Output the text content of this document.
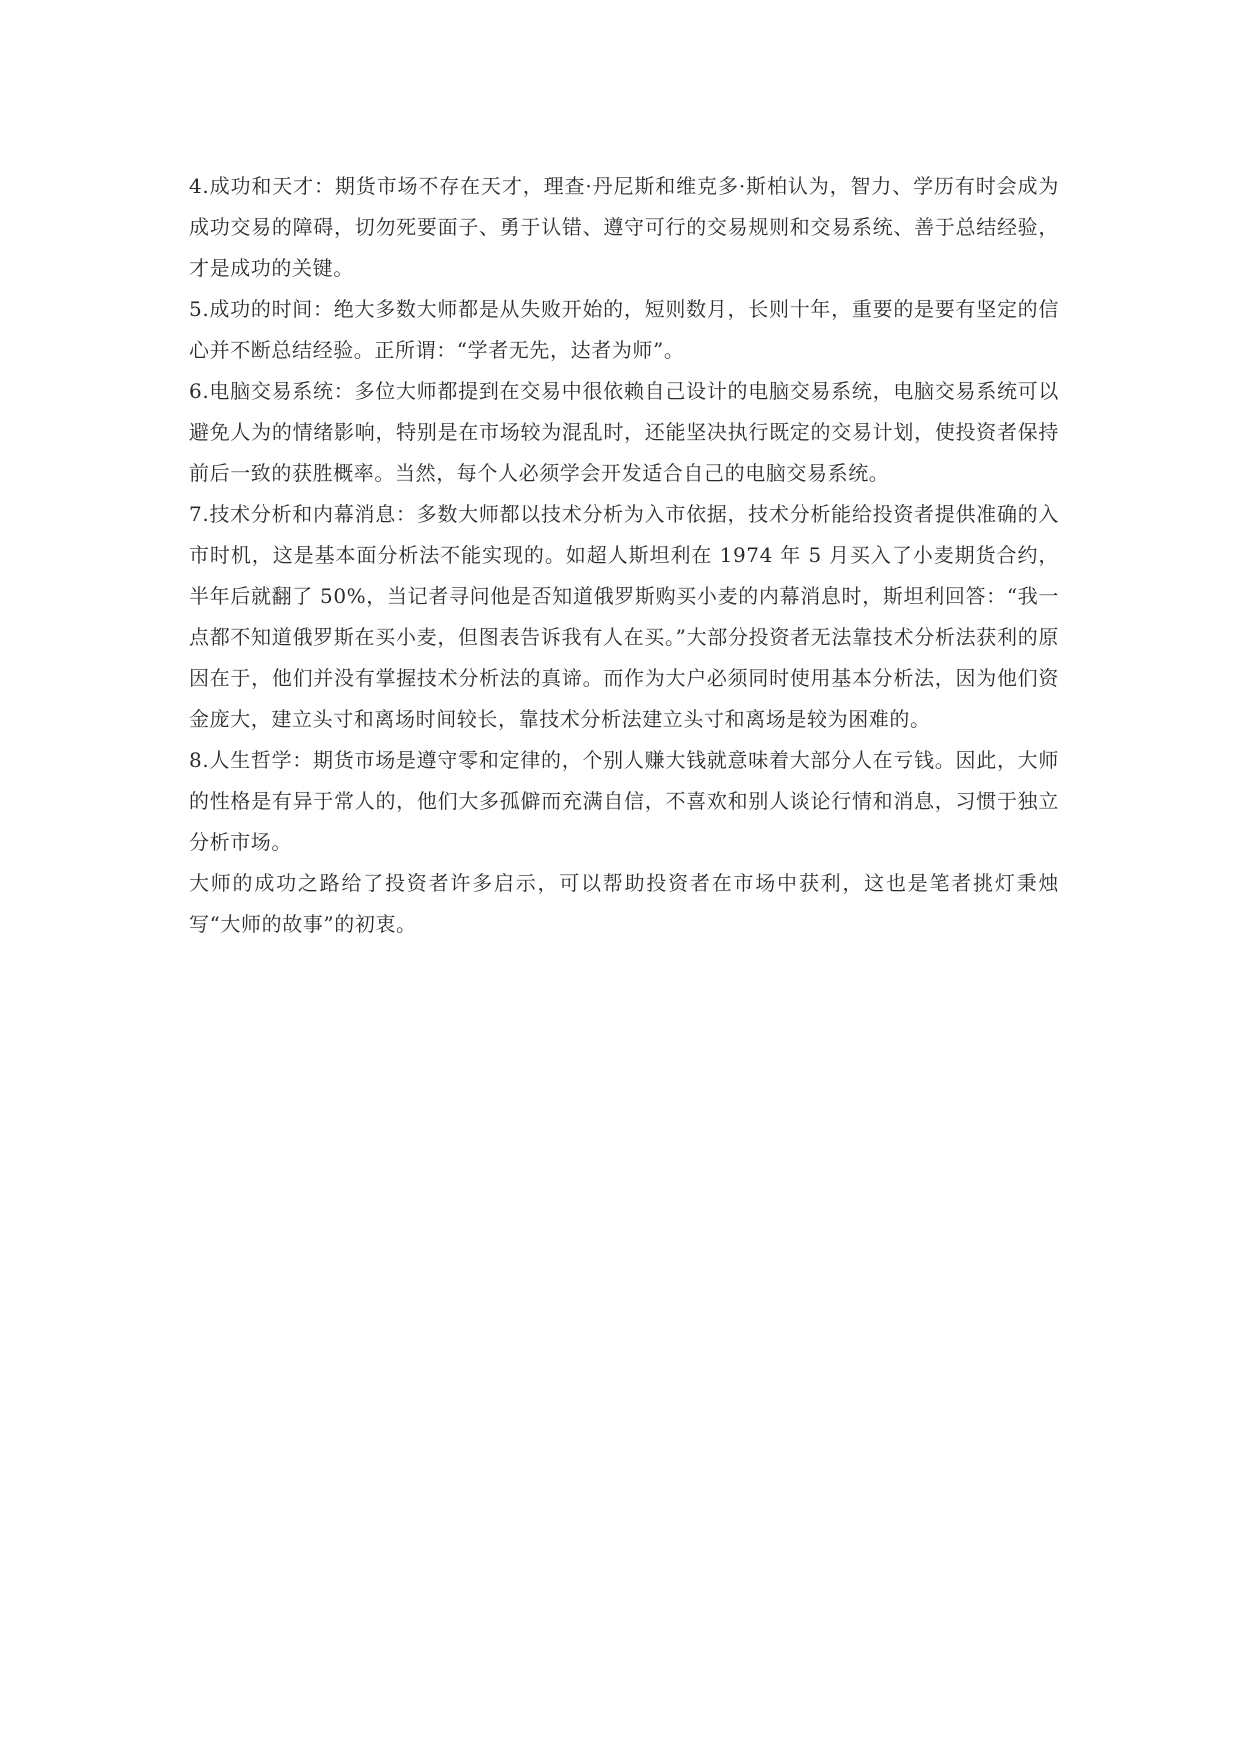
4.成功和天才：期货市场不存在天才，理查·丹尼斯和维克多·斯柏认为，智力、学历有时会成为成功交易的障碍，切勿死要面子、勇于认错、遵守可行的交易规则和交易系统、善于总结经验，才是成功的关键。

5.成功的时间：绝大多数大师都是从失败开始的，短则数月，长则十年，重要的是要有坚定的信心并不断总结经验。正所谓：“学者无先，达者为师”。

6.电脑交易系统：多位大师都提到在交易中很依赖自己设计的电脑交易系统，电脑交易系统可以避免人为的情绪影响，特别是在市场较为混乱时，还能坚决执行既定的交易计划，使投资者保持前后一致的获胜概率。当然，每个人必须学会开发适合自己的电脑交易系统。

7.技术分析和内幕消息：多数大师都以技术分析为入市依据，技术分析能给投资者提供准确的入市时机，这是基本面分析法不能实现的。如超人斯坦利在 1974 年 5 月买入了小麦期货合约，半年后就翻了 50%，当记者寻问他是否知道俄罗斯购买小麦的内幕消息时，斯坦利回答：“我一点都不知道俄罗斯在买小麦，但图表告诉我有人在买。”大部分投资者无法靠技术分析法获利的原因在于，他们并没有掌握技术分析法的真谛。而作为大户必须同时使用基本分析法，因为他们资金庞大，建立头寸和离场时间较长，靠技术分析法建立头寸和离场是较为困难的。

8.人生哲学：期货市场是遵守零和定律的，个别人赚大钱就意味着大部分人在亏钱。因此，大师的性格是有异于常人的，他们大多孤僻而充满自信，不喜欢和别人谈论行情和消息，习惯于独立分析市场。

大师的成功之路给了投资者许多启示，可以帮助投资者在市场中获利，这也是笔者挑灯秉烛写“大师的故事”的初衷。
